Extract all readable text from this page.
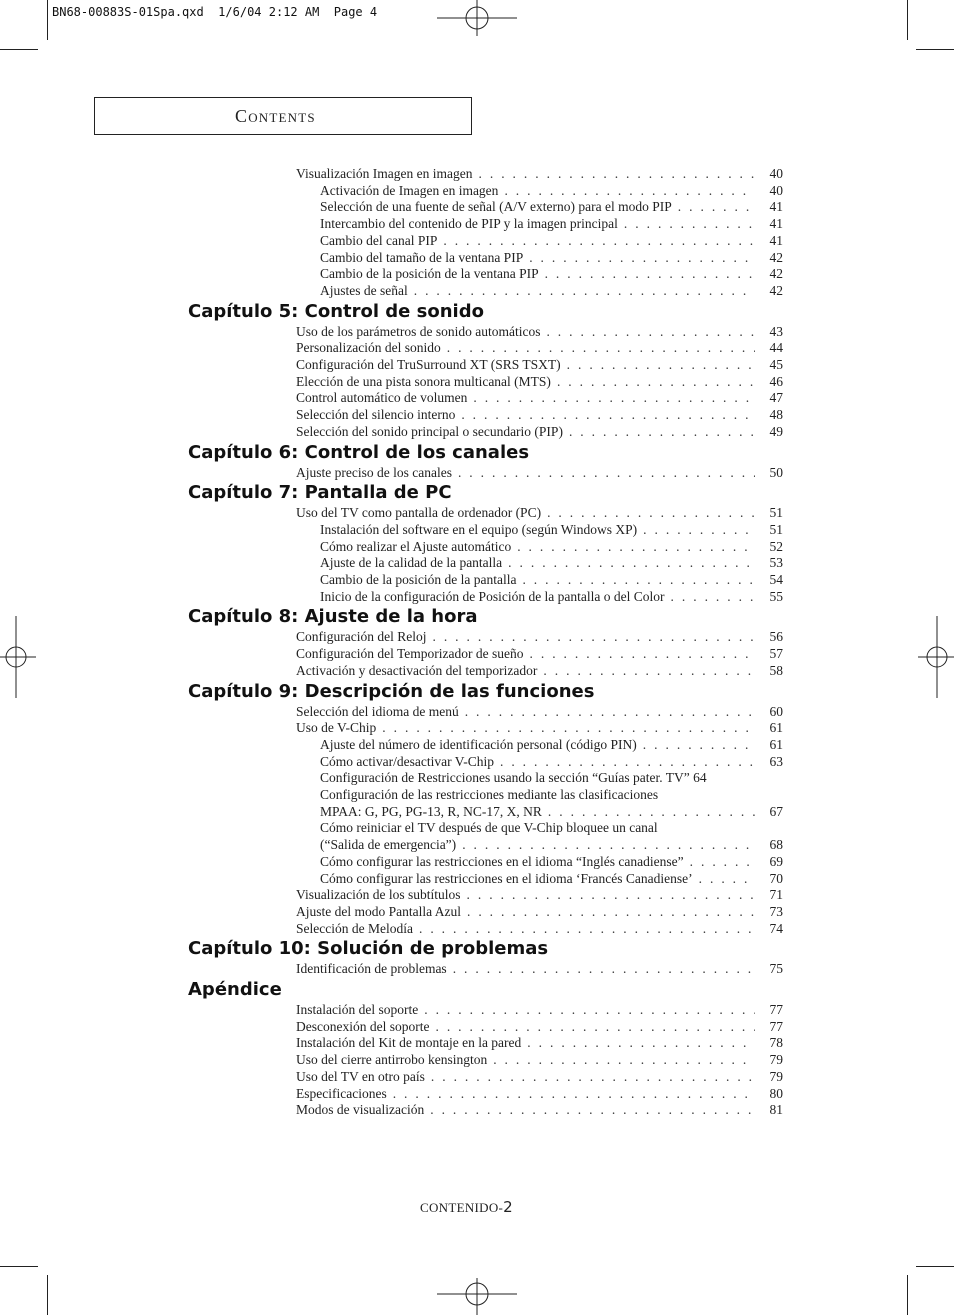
BN68-00883S-01Spa.qxd  1/6/04 2:12 AM  Page 4
Contents
Visualización Imagen en imagen . . .	40
Activación de Imagen en imagen . . .	40
Selección de una fuente de señal (A/V externo) para el modo PIP . . .	41
Intercambio del contenido de PIP y la imagen principal . . .	41
Cambio del canal PIP . . .	41
Cambio del tamaño de la ventana PIP . . .	42
Cambio de la posición de la ventana PIP . . .	42
Ajustes de señal . . .	42
Capítulo 5: Control de sonido
Uso de los parámetros de sonido automáticos . . .	43
Personalización del sonido . . .	44
Configuración del TruSurround XT (SRS TSXT) . . .	45
Elección de una pista sonora multicanal (MTS) . . .	46
Control automático de volumen . . .	47
Selección del silencio interno . . .	48
Selección del sonido principal o secundario (PIP) . . .	49
Capítulo 6: Control de los canales
Ajuste preciso de los canales . . .	50
Capítulo 7: Pantalla de PC
Uso del TV como pantalla de ordenador (PC) . . .	51
Instalación del software en el equipo (según Windows XP) . . .	51
Cómo realizar el Ajuste automático . . .	52
Ajuste de la calidad de la pantalla . . .	53
Cambio de la posición de la pantalla . . .	54
Inicio de la configuración de Posición de la pantalla o del Color . . .	55
Capítulo 8: Ajuste de la hora
Configuración del Reloj . . .	56
Configuración del Temporizador de sueño . . .	57
Activación y desactivación del temporizador . . .	58
Capítulo 9: Descripción de las funciones
Selección del idioma de menú . . .	60
Uso de V-Chip . . .	61
Ajuste del número de identificación personal (código PIN) . . .	61
Cómo activar/desactivar V-Chip . . .	63
Configuración de Restricciones usando la sección “Guías pater. TV” 64
Configuración de las restricciones mediante las clasificaciones
MPAA: G, PG, PG-13, R, NC-17, X, NR . . .	67
Cómo reiniciar el TV después de que V-Chip bloquee un canal
(“Salida de emergencia”) . . .	68
Cómo configurar las restricciones en el idioma “Inglés canadiense” . . .	69
Cómo configurar las restricciones en el idioma ‘Francés Canadiense’ . . .	70
Visualización de los subtítulos . . .	71
Ajuste del modo Pantalla Azul . . .	73
Selección de Melodía . . .	74
Capítulo 10: Solución de problemas
Identificación de problemas . . .	75
Apéndice
Instalación del soporte . . .	77
Desconexión del soporte . . .	77
Instalación del Kit de montaje en la pared . . .	78
Uso del cierre antirrobo kensington . . .	79
Uso del TV en otro país . . .	79
Especificaciones . . .	80
Modos de visualización . . .	81
CONTENIDO-2
